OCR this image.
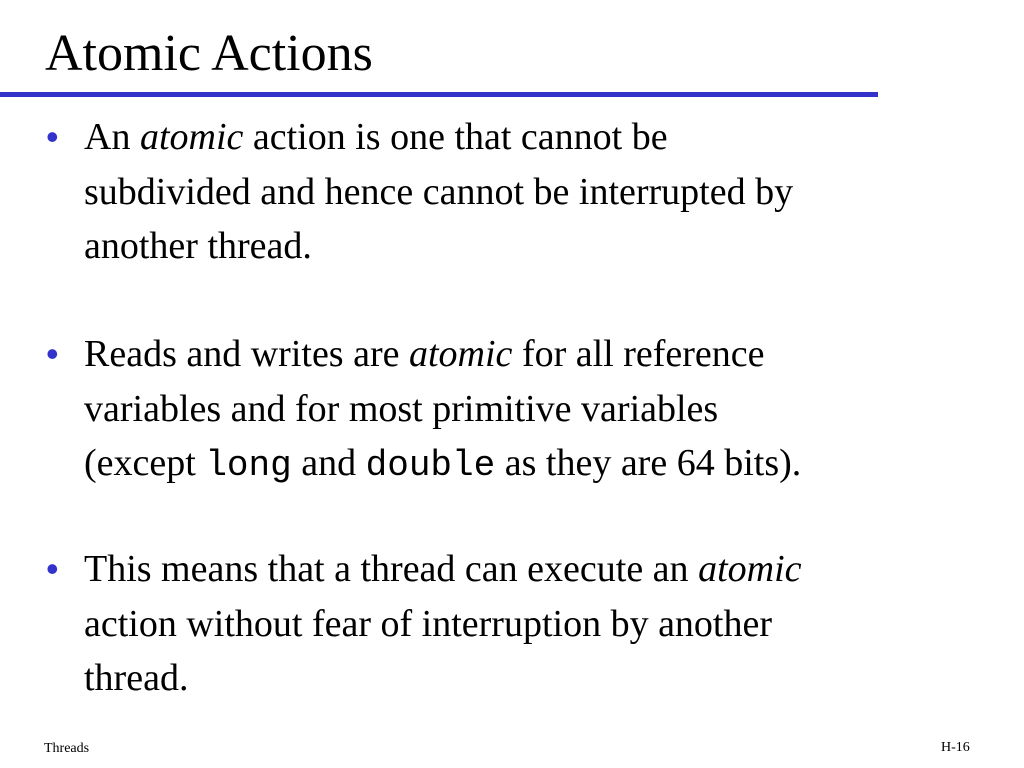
Atomic Actions
• An atomic action is one that cannot be
subdivided and hence cannot be interrupted by
another thread.
• Reads and writes are atomic for all reference
variables and for most primitive variables
(except long and double as they are 64 bits).
• This means that a thread can execute an atomic
action without fear of interruption by another
thread.
Threads	H-16
